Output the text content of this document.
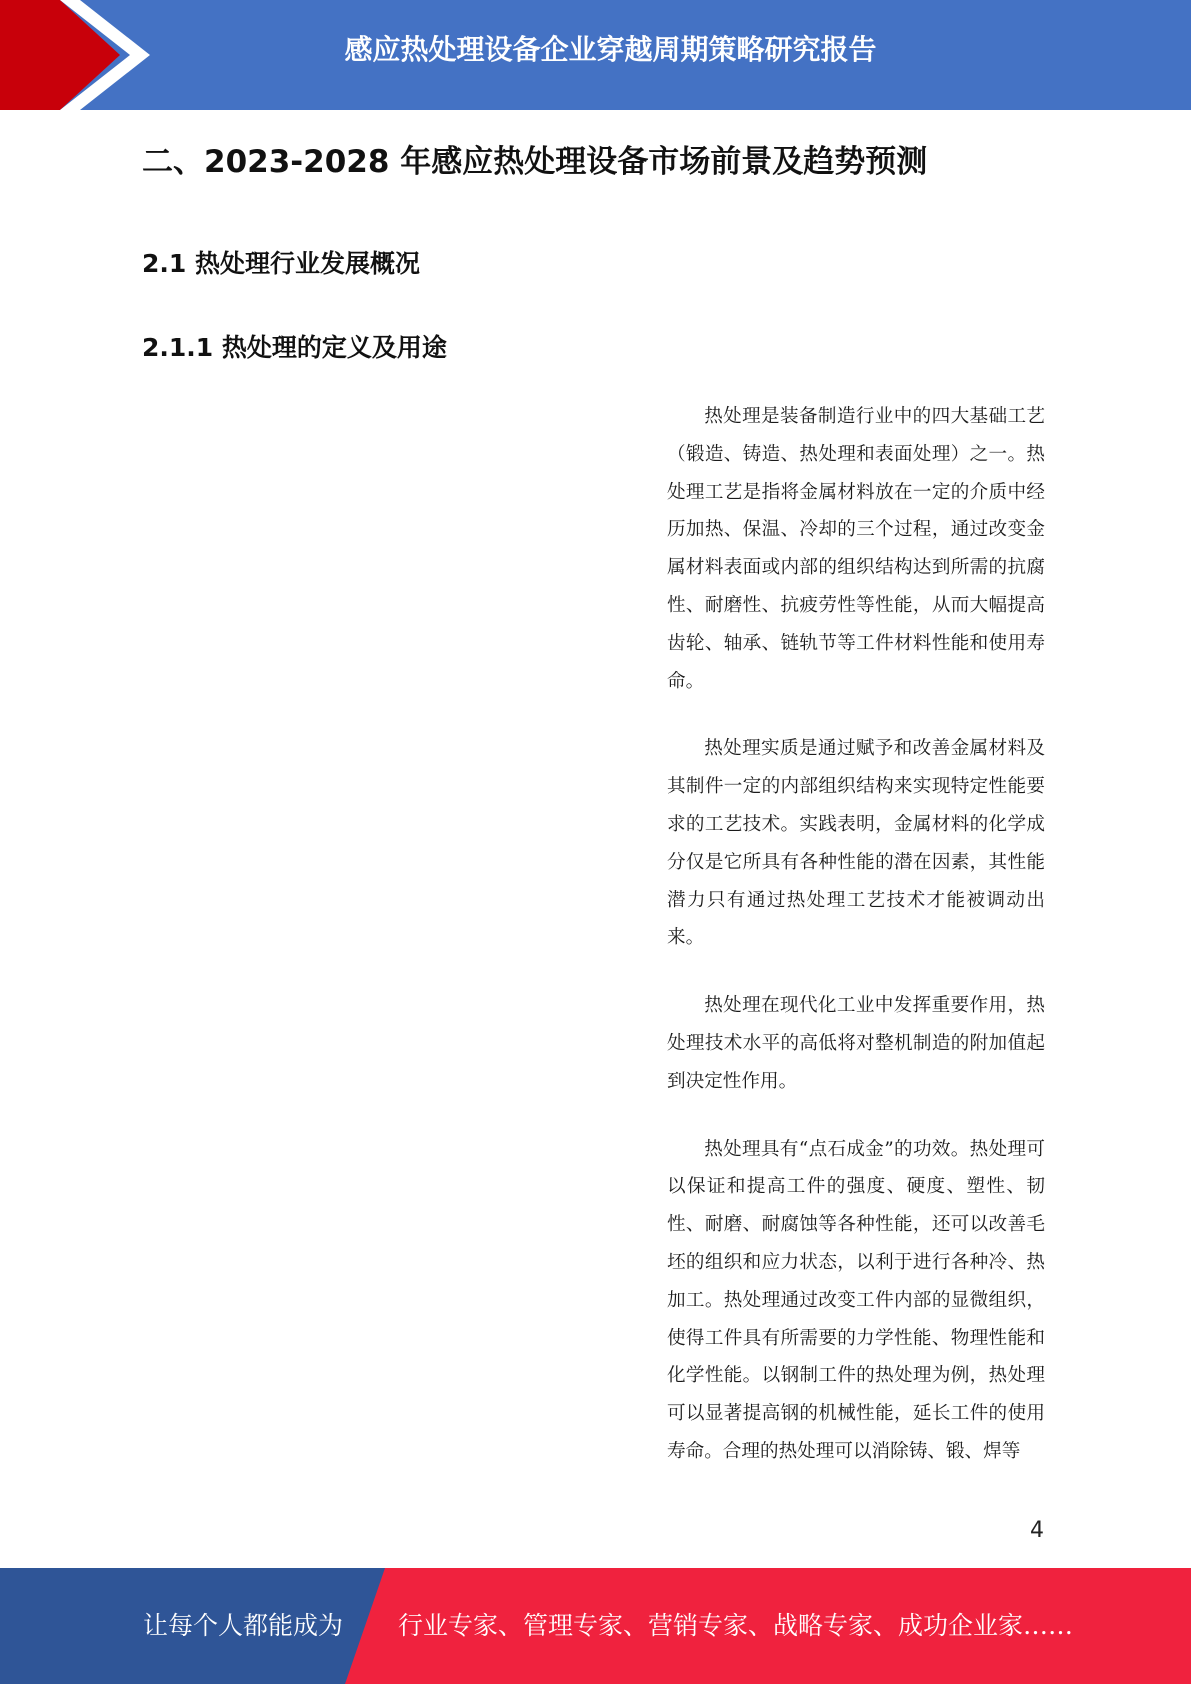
感应热处理设备企业穿越周期策略研究报告
二、2023-2028 年感应热处理设备市场前景及趋势预测
2.1 热处理行业发展概况
2.1.1 热处理的定义及用途

热处理是装备制造行业中的四大基础工艺（锻造、铸造、热处理和表面处理）之一。热处理工艺是指将金属材料放在一定的介质中经历加热、保温、冷却的三个过程，通过改变金属材料表面或内部的组织结构达到所需的抗腐性、耐磨性、抗疲劳性等性能，从而大幅提高齿轮、轴承、链轨节等工件材料性能和使用寿命。

热处理实质是通过赋予和改善金属材料及其制件一定的内部组织结构来实现特定性能要求的工艺技术。实践表明，金属材料的化学成分仅是它所具有各种性能的潜在因素，其性能潜力只有通过热处理工艺技术才能被调动出来。

热处理在现代化工业中发挥重要作用，热处理技术水平的高低将对整机制造的附加值起到决定性作用。

热处理具有“点石成金”的功效。热处理可以保证和提高工件的强度、硬度、塑性、韧性、耐磨、耐腐蚀等各种性能，还可以改善毛坯的组织和应力状态，以利于进行各种冷、热加工。热处理通过改变工件内部的显微组织，使得工件具有所需要的力学性能、物理性能和化学性能。以钢制工件的热处理为例，热处理可以显著提高钢的机械性能，延长工件的使用寿命。合理的热处理可以消除铸、锻、焊等

4
让每个人都能成为 行业专家、管理专家、营销专家、战略专家、成功企业家……
